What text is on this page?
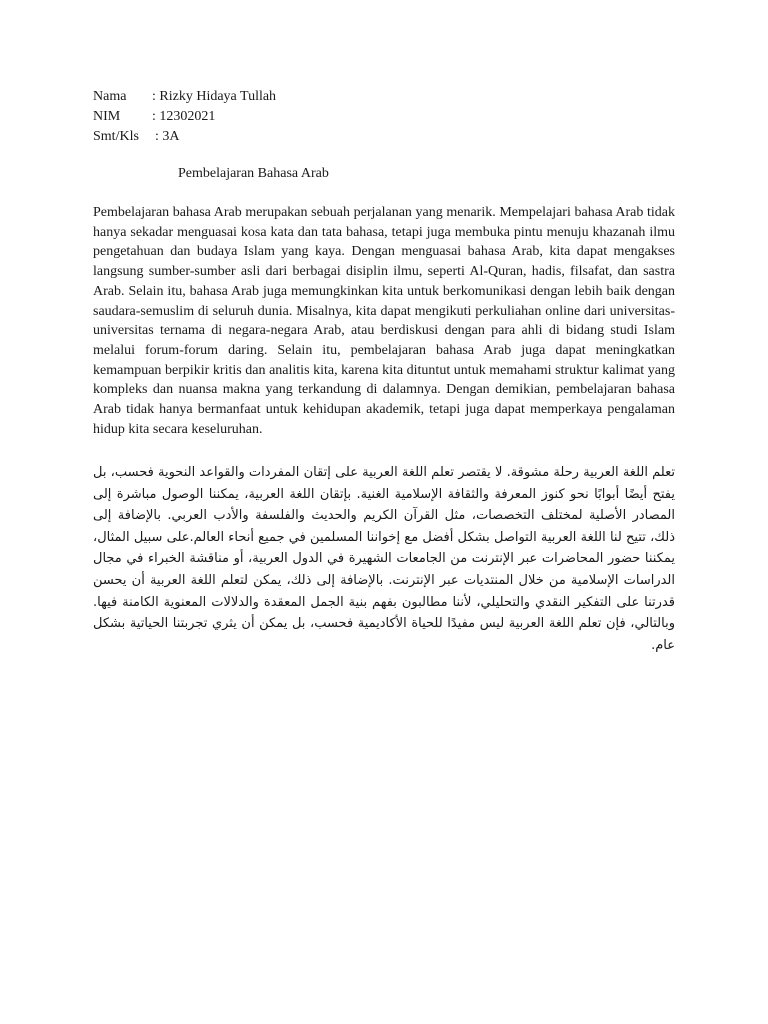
Nama	: Rizky Hidaya Tullah
NIM	: 12302021
Smt/Kls	: 3A
Pembelajaran Bahasa Arab

Pembelajaran bahasa Arab merupakan sebuah perjalanan yang menarik. Mempelajari bahasa Arab tidak hanya sekadar menguasai kosa kata dan tata bahasa, tetapi juga membuka pintu menuju khazanah ilmu pengetahuan dan budaya Islam yang kaya. Dengan menguasai bahasa Arab, kita dapat mengakses langsung sumber-sumber asli dari berbagai disiplin ilmu, seperti Al-Quran, hadis, filsafat, dan sastra Arab. Selain itu, bahasa Arab juga memungkinkan kita untuk berkomunikasi dengan lebih baik dengan saudara-semuslim di seluruh dunia. Misalnya, kita dapat mengikuti perkuliahan online dari universitas-universitas ternama di negara-negara Arab, atau berdiskusi dengan para ahli di bidang studi Islam melalui forum-forum daring. Selain itu, pembelajaran bahasa Arab juga dapat meningkatkan kemampuan berpikir kritis dan analitis kita, karena kita dituntut untuk memahami struktur kalimat yang kompleks dan nuansa makna yang terkandung di dalamnya. Dengan demikian, pembelajaran bahasa Arab tidak hanya bermanfaat untuk kehidupan akademik, tetapi juga dapat memperkaya pengalaman hidup kita secara keseluruhan.

تعلم اللغة العربية رحلة مشوقة. لا يقتصر تعلم اللغة العربية على إتقان المفردات والقواعد النحوية فحسب، بل يفتح أيضًا أبوابًا نحو كنوز المعرفة والثقافة الإسلامية الغنية. بإتقان اللغة العربية، يمكننا الوصول مباشرة إلى المصادر الأصلية لمختلف التخصصات، مثل القرآن الكريم والحديث والفلسفة والأدب العربي. بالإضافة إلى ذلك، تتيح لنا اللغة العربية التواصل بشكل أفضل مع إخواننا المسلمين في جميع أنحاء العالم.على سبيل المثال، يمكننا حضور المحاضرات عبر الإنترنت من الجامعات الشهيرة في الدول العربية، أو مناقشة الخبراء في مجال الدراسات الإسلامية من خلال المنتديات عبر الإنترنت. بالإضافة إلى ذلك، يمكن لتعلم اللغة العربية أن يحسن قدرتنا على التفكير النقدي والتحليلي، لأننا مطالبون بفهم بنية الجمل المعقدة والدلالات المعنوية الكامنة فيها. وبالتالي، فإن تعلم اللغة العربية ليس مفيدًا للحياة الأكاديمية فحسب، بل يمكن أن يثري تجربتنا الحياتية بشكل عام.
